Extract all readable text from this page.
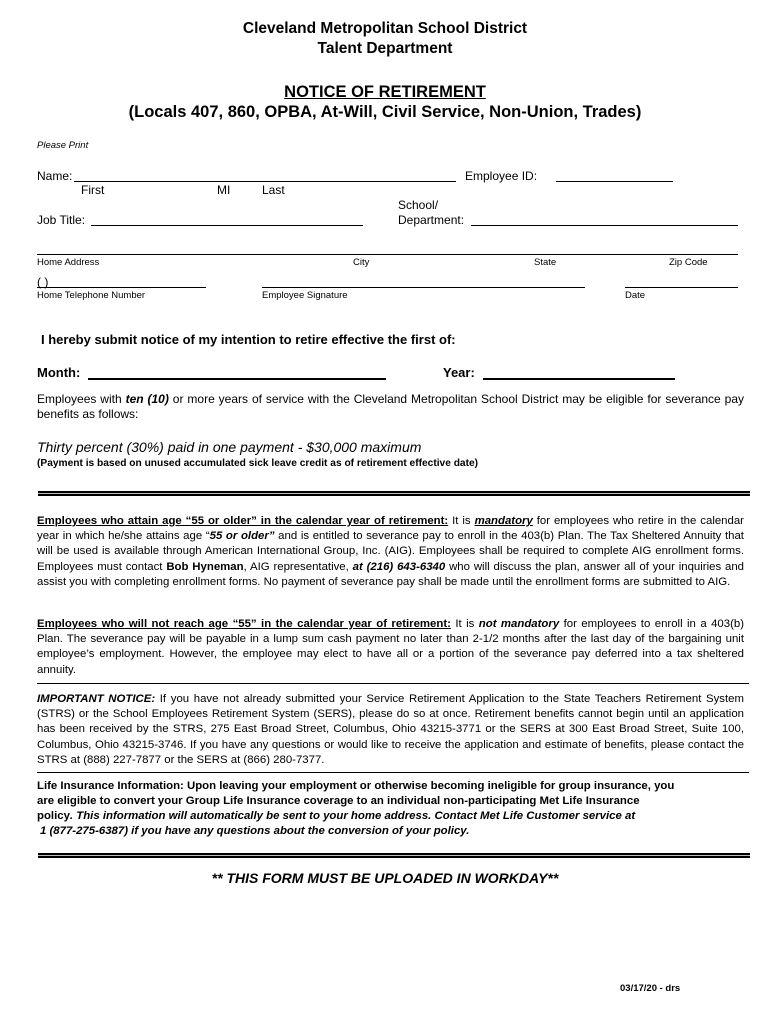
Cleveland Metropolitan School District
Talent Department
NOTICE OF RETIREMENT
(Locals 407, 860, OPBA, At-Will, Civil Service, Non-Union, Trades)
Please Print
Name:	Employee ID:
First	MI	Last
School/
Job Title:	Department:
Home Address	City	State	Zip Code
( )
Home Telephone Number	Employee Signature	Date
I hereby submit notice of my intention to retire effective the first of:
Month:	Year:
Employees with ten (10) or more years of service with the Cleveland Metropolitan School District may be eligible for severance pay benefits as follows:
Thirty percent (30%) paid in one payment - $30,000 maximum
(Payment is based on unused accumulated sick leave credit as of retirement effective date)
Employees who attain age “55 or older” in the calendar year of retirement: It is mandatory for employees who retire in the calendar year in which he/she attains age “55 or older” and is entitled to severance pay to enroll in the 403(b) Plan. The Tax Sheltered Annuity that will be used is available through American International Group, Inc. (AIG). Employees shall be required to complete AIG enrollment forms. Employees must contact Bob Hyneman, AIG representative, at (216) 643-6340 who will discuss the plan, answer all of your inquiries and assist you with completing enrollment forms. No payment of severance pay shall be made until the enrollment forms are submitted to AIG.
Employees who will not reach age “55” in the calendar year of retirement: It is not mandatory for employees to enroll in a 403(b) Plan. The severance pay will be payable in a lump sum cash payment no later than 2-1/2 months after the last day of the bargaining unit employee’s employment. However, the employee may elect to have all or a portion of the severance pay deferred into a tax sheltered annuity.
IMPORTANT NOTICE: If you have not already submitted your Service Retirement Application to the State Teachers Retirement System (STRS) or the School Employees Retirement System (SERS), please do so at once. Retirement benefits cannot begin until an application has been received by the STRS, 275 East Broad Street, Columbus, Ohio 43215-3771 or the SERS at 300 East Broad Street, Suite 100, Columbus, Ohio 43215-3746. If you have any questions or would like to receive the application and estimate of benefits, please contact the STRS at (888) 227-7877 or the SERS at (866) 280-7377.
Life Insurance Information: Upon leaving your employment or otherwise becoming ineligible for group insurance, you
are eligible to convert your Group Life Insurance coverage to an individual non-participating Met Life Insurance
policy. This information will automatically be sent to your home address. Contact Met Life Customer service at
1 (877-275-6387) if you have any questions about the conversion of your policy.
** THIS FORM MUST BE UPLOADED IN WORKDAY**
03/17/20 - drs
